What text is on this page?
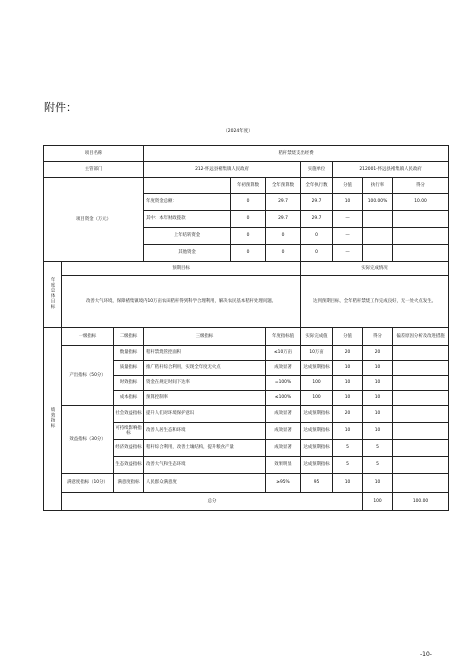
附件：
（2024年度）
项目名称			秸秆禁烧支出经费							
主管部门			212-怀远县褚集镇人民政府			实施单位	212001-怀远县褚集镇人民政府			
项目资金（万元）				年初预算数	全年预算数	全年执行数	分值	执行率	得分	
			年度资金总额：	0	29.7	29.7	10	100.00%	10.00	
			其中：本年财政拨款	0	29.7	29.7	—			
			上年结转资金	0	0	0	—			
			其他资金	0	0	0	—			
年度总体目标	预期目标					实际完成情况				
	改善大气环境，保障褚集镇境内10万亩农田秸秆得到科学合理利用，解决农民基本秸秆处理问题。					达到预期目标，全年秸秆禁烧工作完成良好，无一处火点发生。				
绩效指标	一级指标	二级指标	三级指标		年度指标值	实际完成值	分值	得分	偏差原因分析及改进措施	
	产出指标（50分）	数量指标	秸秆禁烧管控面积		≤10万亩	10万亩	20	20		
		质量指标	推广秸秆综合利用，实现全年度无火点		成效显著	达成预期指标	10	10		
		时效指标	资金在规定时间下达率		=100%	100	10	10		
		成本指标	预算控制率		≤100%	100	10	10		
	效益指标（30分）	社会效益指标	提升人们对环境保护意识		成效显著	达成预期指标	20	10		
		可持续影响指标	改善人居生态和环境		成效显著	达成预期指标	10	10		
		经济效益指标	秸秆综合利用，改善土壤结构，提升粮食产量		成效显著	达成预期指标	5	5		
		生态效益指标	改善大气和生态环境		效果明显	达成预期指标	5	5		
	满意度指标（10分）	满意度指标	人民群众满意度		≥95%	95	10	10		
	总分							100	100.00	
-10-
